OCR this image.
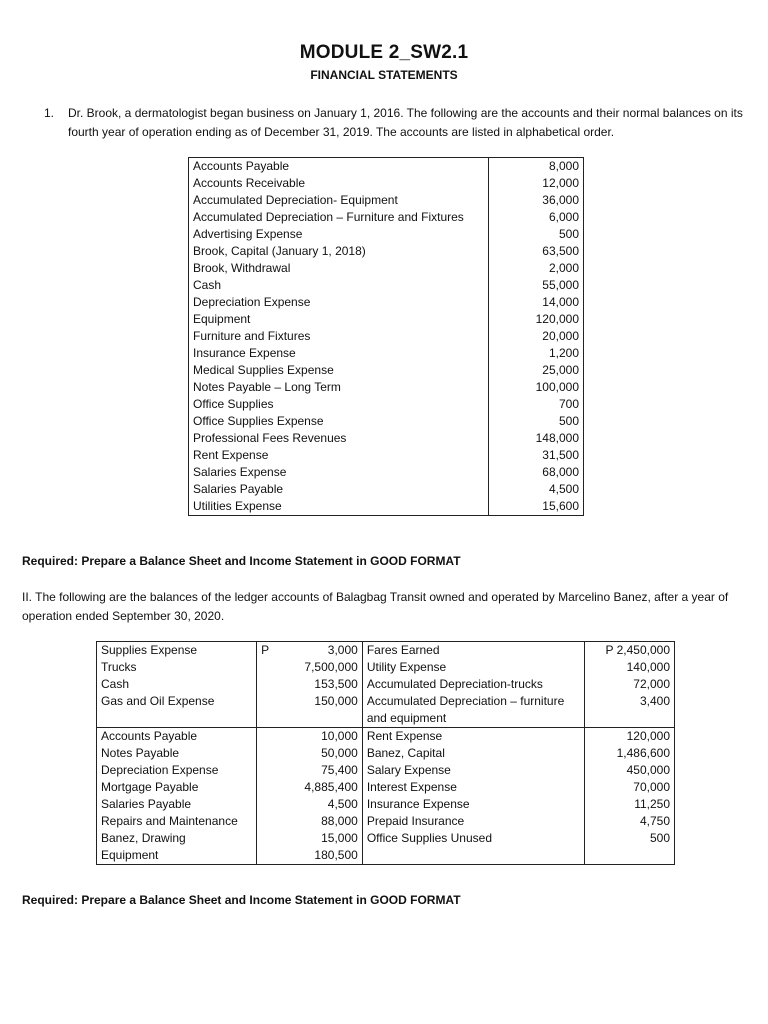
MODULE 2_SW2.1
FINANCIAL STATEMENTS
1.	Dr. Brook, a dermatologist began business on January 1, 2016. The following are the accounts and their normal balances on its fourth year of operation ending as of December 31, 2019. The accounts are listed in alphabetical order.
Accounts Payable	8,000
Accounts Receivable	12,000
Accumulated Depreciation- Equipment	36,000
Accumulated Depreciation – Furniture and Fixtures	6,000
Advertising Expense	500
Brook, Capital (January 1, 2018)	63,500
Brook, Withdrawal	2,000
Cash	55,000
Depreciation Expense	14,000
Equipment	120,000
Furniture and Fixtures	20,000
Insurance Expense	1,200
Medical Supplies Expense	25,000
Notes Payable – Long Term	100,000
Office Supplies	700
Office Supplies Expense	500
Professional Fees Revenues	148,000
Rent Expense	31,500
Salaries Expense	68,000
Salaries Payable	4,500
Utilities Expense	15,600
Required: Prepare a Balance Sheet and Income Statement in GOOD FORMAT
II. The following are the balances of the ledger accounts of Balagbag Transit owned and operated by Marcelino Banez, after a year of operation ended September 30, 2020.
Supplies Expense	P 3,000	Fares Earned	P 2,450,000
Trucks	7,500,000	Utility Expense	140,000
Cash	153,500	Accumulated Depreciation-trucks	72,000
Gas and Oil Expense	150,000	Accumulated Depreciation – furniture and equipment	3,400
Accounts Payable	10,000	Rent Expense	120,000
Notes Payable	50,000	Banez, Capital	1,486,600
Depreciation Expense	75,400	Salary Expense	450,000
Mortgage Payable	4,885,400	Interest Expense	70,000
Salaries Payable	4,500	Insurance Expense	11,250
Repairs and Maintenance	88,000	Prepaid Insurance	4,750
Banez, Drawing	15,000	Office Supplies Unused	500
Equipment	180,500		
Required: Prepare a Balance Sheet and Income Statement in GOOD FORMAT
